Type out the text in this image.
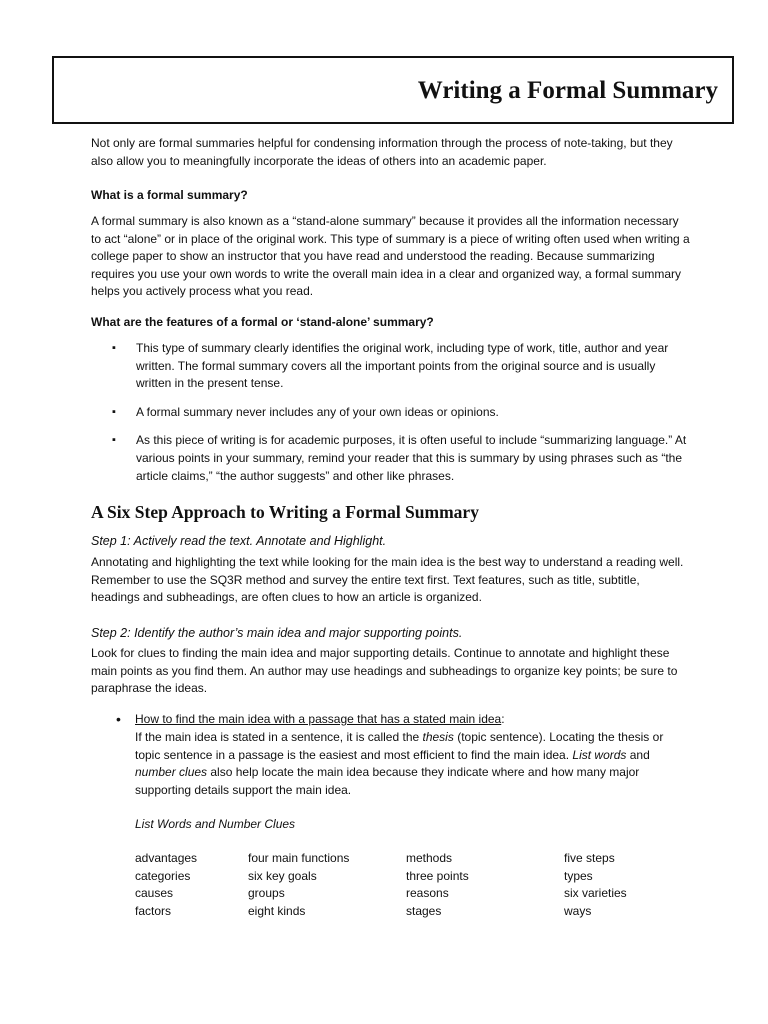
Writing a Formal Summary

Not only are formal summaries helpful for condensing information through the process of note-taking, but they also allow you to meaningfully incorporate the ideas of others into an academic paper.

What is a formal summary?

A formal summary is also known as a “stand-alone summary” because it provides all the information necessary to act “alone” or in place of the original work. This type of summary is a piece of writing often used when writing a college paper to show an instructor that you have read and understood the reading. Because summarizing requires you use your own words to write the overall main idea in a clear and organized way, a formal summary helps you actively process what you read.

What are the features of a formal or ‘stand-alone’ summary?

▪ This type of summary clearly identifies the original work, including type of work, title, author and year written. The formal summary covers all the important points from the original source and is usually written in the present tense.
▪ A formal summary never includes any of your own ideas or opinions.
▪ As this piece of writing is for academic purposes, it is often useful to include “summarizing language.” At various points in your summary, remind your reader that this is summary by using phrases such as “the article claims,” “the author suggests” and other like phrases.
A Six Step Approach to Writing a Formal Summary

Step 1: Actively read the text. Annotate and Highlight.

Annotating and highlighting the text while looking for the main idea is the best way to understand a reading well. Remember to use the SQ3R method and survey the entire text first. Text features, such as title, subtitle, headings and subheadings, are often clues to how an article is organized.

Step 2: Identify the author’s main idea and major supporting points.

Look for clues to finding the main idea and major supporting details. Continue to annotate and highlight these main points as you find them. An author may use headings and subheadings to organize key points; be sure to paraphrase the ideas.

• How to find the main idea with a passage that has a stated main idea:

If the main idea is stated in a sentence, it is called the thesis (topic sentence). Locating the thesis or topic sentence in a passage is the easiest and most efficient to find the main idea. List words and number clues also help locate the main idea because they indicate where and how many major supporting details support the main idea.

List Words and Number Clues
advantages
categories
causes
factors
four main functions
six key goals
groups
eight kinds
methods
three points
reasons
stages
five steps
types
six varieties
ways
